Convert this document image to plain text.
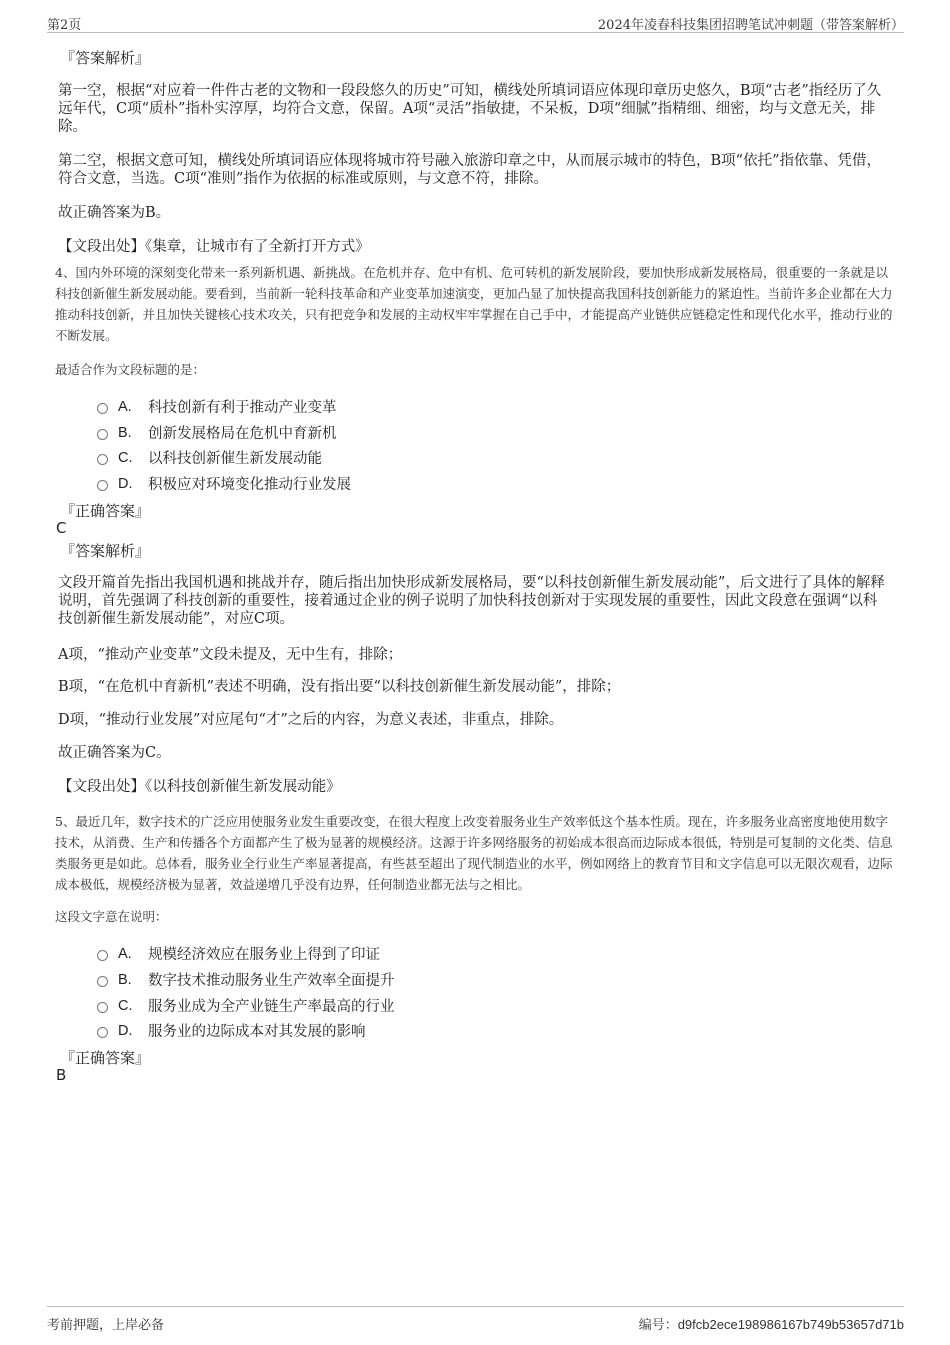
第2页	2024年凌春科技集团招聘笔试冲刺题（带答案解析）
『答案解析』
第一空，根据“对应着一件件古老的文物和一段段悠久的历史”可知，横线处所填词语应体现印章历史悠久，B项“古老”指经历了久远年代，C项“质朴”指朴实淳厚，均符合文意，保留。A项“灵活”指敏捷，不呆板，D项“细腻”指精细、细密，均与文意无关，排除。
第二空，根据文意可知，横线处所填词语应体现将城市符号融入旅游印章之中，从而展示城市的特色，B项“依托”指依靠、凭借，符合文意，当选。C项“准则”指作为依据的标准或原则，与文意不符，排除。
故正确答案为B。
【文段出处】《集章，让城市有了全新打开方式》
4、国内外环境的深刻变化带来一系列新机遇、新挑战。在危机并存、危中有机、危可转机的新发展阶段，要加快形成新发展格局，很重要的一条就是以科技创新催生新发展动能。要看到，当前新一轮科技革命和产业变革加速演变，更加凸显了加快提高我国科技创新能力的紧迫性。当前许多企业都在大力推动科技创新，并且加快关键核心技术攻关，只有把竞争和发展的主动权牢牢掌握在自己手中，才能提高产业链供应链稳定性和现代化水平，推动行业的不断发展。
最适合作为文段标题的是：
A.	科技创新有利于推动产业变革
B.	创新发展格局在危机中育新机
C.	以科技创新催生新发展动能
D.	积极应对环境变化推动行业发展
『正确答案』
C
『答案解析』
文段开篇首先指出我国机遇和挑战并存，随后指出加快形成新发展格局，要“以科技创新催生新发展动能”，后文进行了具体的解释说明，首先强调了科技创新的重要性，接着通过企业的例子说明了加快科技创新对于实现发展的重要性，因此文段意在强调“以科技创新催生新发展动能”，对应C项。
A项，“推动产业变革”文段未提及，无中生有，排除；
B项，“在危机中育新机”表述不明确，没有指出要“以科技创新催生新发展动能”，排除；
D项，“推动行业发展”对应尾句“才”之后的内容，为意义表述，非重点，排除。
故正确答案为C。
【文段出处】《以科技创新催生新发展动能》
5、最近几年，数字技术的广泛应用使服务业发生重要改变，在很大程度上改变着服务业生产效率低这个基本性质。现在，许多服务业高密度地使用数字技术，从消费、生产和传播各个方面都产生了极为显著的规模经济。这源于许多网络服务的初始成本很高而边际成本很低，特别是可复制的文化类、信息类服务更是如此。总体看，服务业全行业生产率显著提高，有些甚至超出了现代制造业的水平，例如网络上的教育节目和文字信息可以无限次观看，边际成本极低，规模经济极为显著，效益递增几乎没有边界，任何制造业都无法与之相比。
这段文字意在说明：
A.	规模经济效应在服务业上得到了印证
B.	数字技术推动服务业生产效率全面提升
C.	服务业成为全产业链生产率最高的行业
D.	服务业的边际成本对其发展的影响
『正确答案』
B
考前押题，上岸必备	编号：d9fcb2ece198986167b749b53657d71b
